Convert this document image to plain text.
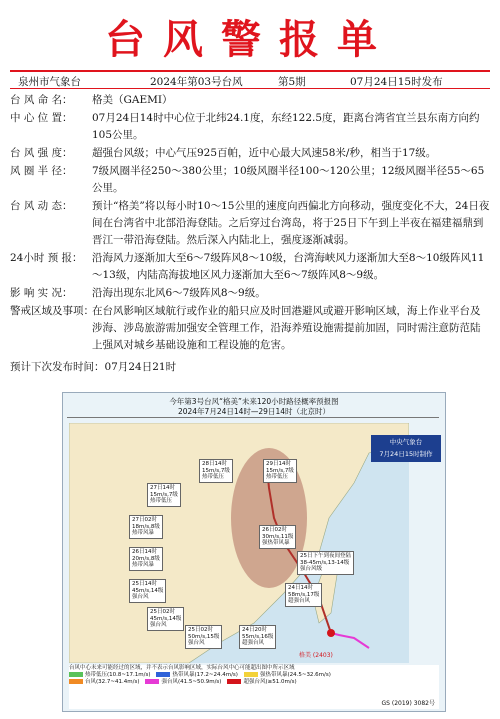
台风警报单
泉州市气象台	2024年第03号台风	第5期	07月24日15时发布
台 风 命 名：	格美（GAEMI）
中 心 位 置：	07月24日14时中心位于北纬24.1度，东经122.5度，距离台湾省宜兰县东南方向约105公里。
台 风 强 度：	超强台风级；中心气压925百帕，近中心最大风速58米/秒，相当于17级。
风 圈 半 径：	7级风圈半径250～380公里；10级风圈半径100～120公里；12级风圈半径55～65公里。
台 风 动 态：	预计“格美”将以每小时10～15公里的速度向西偏北方向移动，强度变化不大，24日夜间在台湾省中北部沿海登陆。之后穿过台湾岛，将于25日下午到上半夜在福建福鼎到晋江一带沿海登陆。然后深入内陆北上，强度逐渐减弱。
24小时 预 报： 沿海风力逐渐加大至6～7级阵风8～10级，台湾海峡风力逐渐加大至8～10级阵风11～13级，内陆高海拔地区风力逐渐加大至6～7级阵风8～9级。
影 响 实 况：	沿海出现东北风6～7级阵风8～9级。
警戒区域及事项：
在台风影响区域航行或作业的船只应及时回港避风或避开影响区域，海上作业平台及涉海、涉岛旅游需加强安全管理工作，沿海养殖设施需提前加固，同时需注意防范陆上强风对城乡基础设施和工程设施的危害。
预计下次发布时间：07月24日21时
今年第3号台风“格美”未来120小时路径概率预报图
2024年7月24日14时—29日14时（北京时）
格美 (2403)
中央气象台
7月24日15时制作
28日14时
15m/s,7级
热带低压
29日14时
15m/s,7级
热带低压
27日14时
15m/s,7级
热带低压
27日02时
18m/s,8级
热带风暴	26日02时
30m/s,11级
强热带风暴
26日14时
20m/s,8级
热带风暴
25日下午到夜间登陆
38-45m/s,13-14级
强台风级
25日14时
45m/s,14级
强台风
24日14时
58m/s,17级
超强台风
25日02时
45m/s,14级
强台风
25日02时
50m/s,15级
强台风
24日20时
55m/s,16级
超强台风
台风中心未来可能经过的区域，并不表示台风影响区域，实际台风中心可能超出图中所示区域
热带低压(10.8~17.1m/s)	热带风暴(17.2~24.4m/s)	强热带风暴(24.5~32.6m/s)
台风(32.7~41.4m/s)	强台风(41.5~50.9m/s)	超强台风(≥51.0m/s)
GS (2019) 3082号
